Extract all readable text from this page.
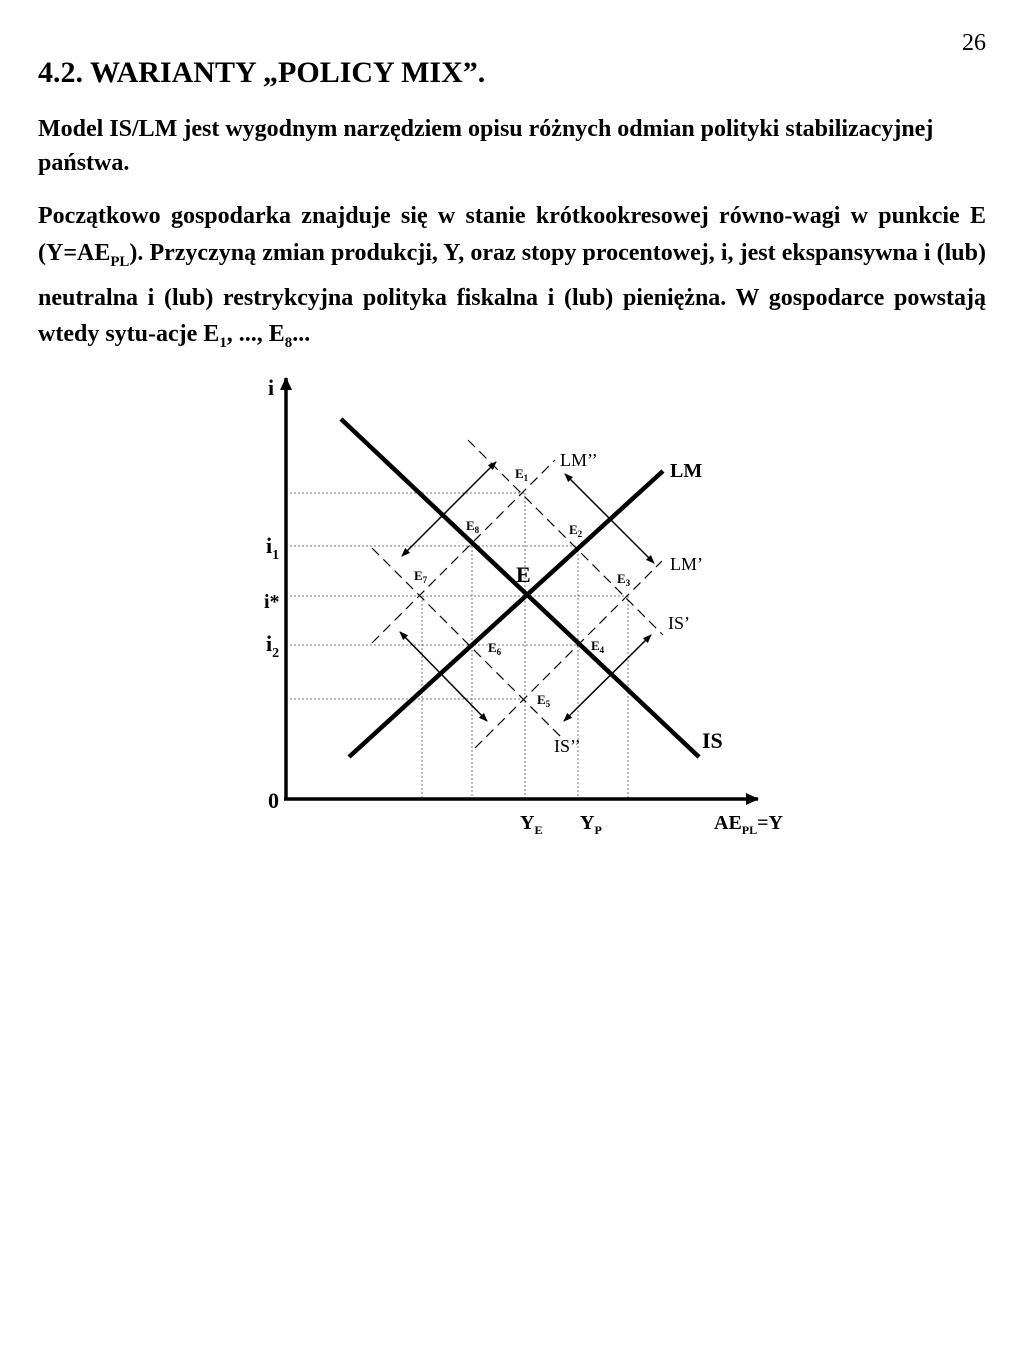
26
4.2. WARIANTY „POLICY MIX”.

Model IS/LM jest wygodnym narzędziem opisu różnych odmian polityki stabilizacyjnej państwa.

Początkowo gospodarka znajduje się w stanie krótkookresowej równo-wagi w punkcie E $(Y=AE_{PL})$. Przyczyną zmian produkcji, Y, oraz stopy procentowej, i, jest ekspansywna i (lub) neutralna i (lub) restrykcyjna polityka fiskalna i (lub) pieniężna. W gospodarce powstają wtedy sytu-acje $E_1$, ..., $E_8$...

i
0
$i_1$
i*
$i_2$
$Y_E$ $Y_P$	$AE_{PL}=Y$
LM
LM’’
LM’
IS’
IS’’	IS
E
$E_1$
$E_2$
$E_3$
$E_4$
$E_5$
$E_6$
$E_7$
$E_8$
